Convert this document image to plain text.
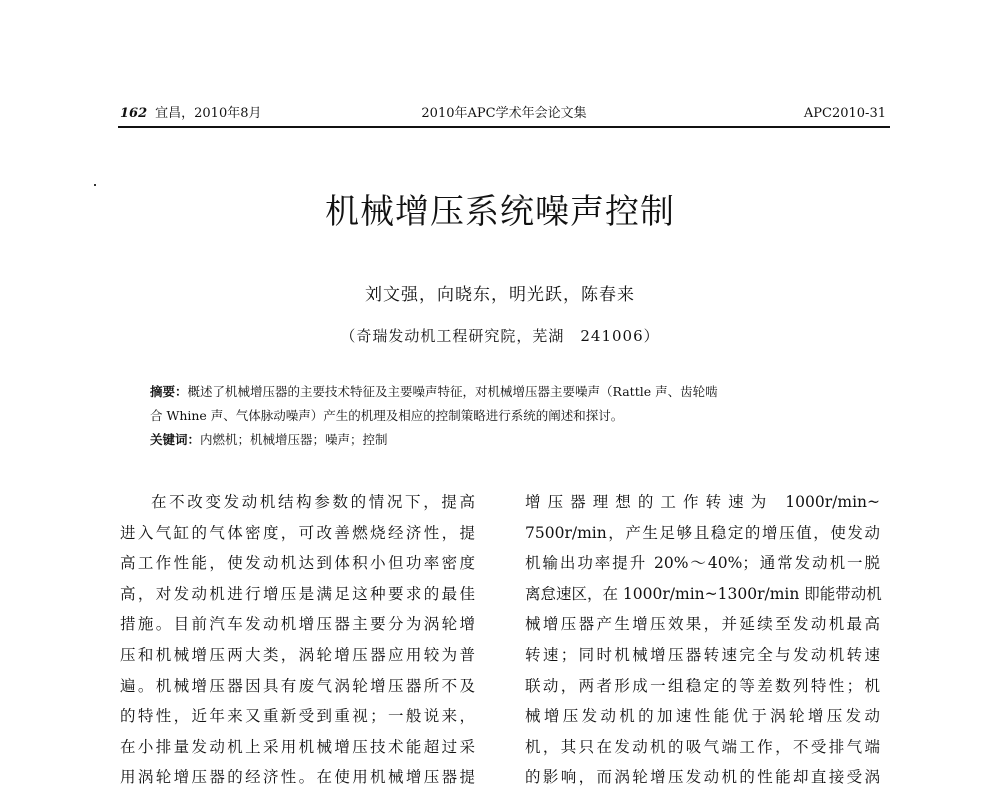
162 宜昌，2010年8月	2010年APC学术年会论文集	APC2010-31
机械增压系统噪声控制
刘文强，向晓东，明光跃，陈春来
（奇瑞发动机工程研究院，芜湖　241006）
摘要：概述了机械增压器的主要技术特征及主要噪声特征，对机械增压器主要噪声（Rattle 声、齿轮啮
合 Whine 声、气体脉动噪声）产生的机理及相应的控制策略进行系统的阐述和探讨。
关键词：内燃机；机械增压器；噪声；控制
在不改变发动机结构参数的情况下，提高
进入气缸的气体密度，可改善燃烧经济性，提
高工作性能，使发动机达到体积小但功率密度
高，对发动机进行增压是满足这种要求的最佳
措施。目前汽车发动机增压器主要分为涡轮增
压和机械增压两大类，涡轮增压器应用较为普
遍。机械增压器因具有废气涡轮增压器所不及
的特性，近年来又重新受到重视；一般说来，
在小排量发动机上采用机械增压技术能超过采
用涡轮增压器的经济性。在使用机械增压器提
增压器理想的工作转速为 1000r/min~
7500r/min，产生足够且稳定的增压值，使发动
机输出功率提升 20%～40%；通常发动机一脱
离怠速区，在 1000r/min~1300r/min 即能带动机
械增压器产生增压效果，并延续至发动机最高
转速；同时机械增压器转速完全与发动机转速
联动，两者形成一组稳定的等差数列特性；机
械增压发动机的加速性能优于涡轮增压发动
机，其只在发动机的吸气端工作，不受排气端
的影响，而涡轮增压发动机的性能却直接受涡
